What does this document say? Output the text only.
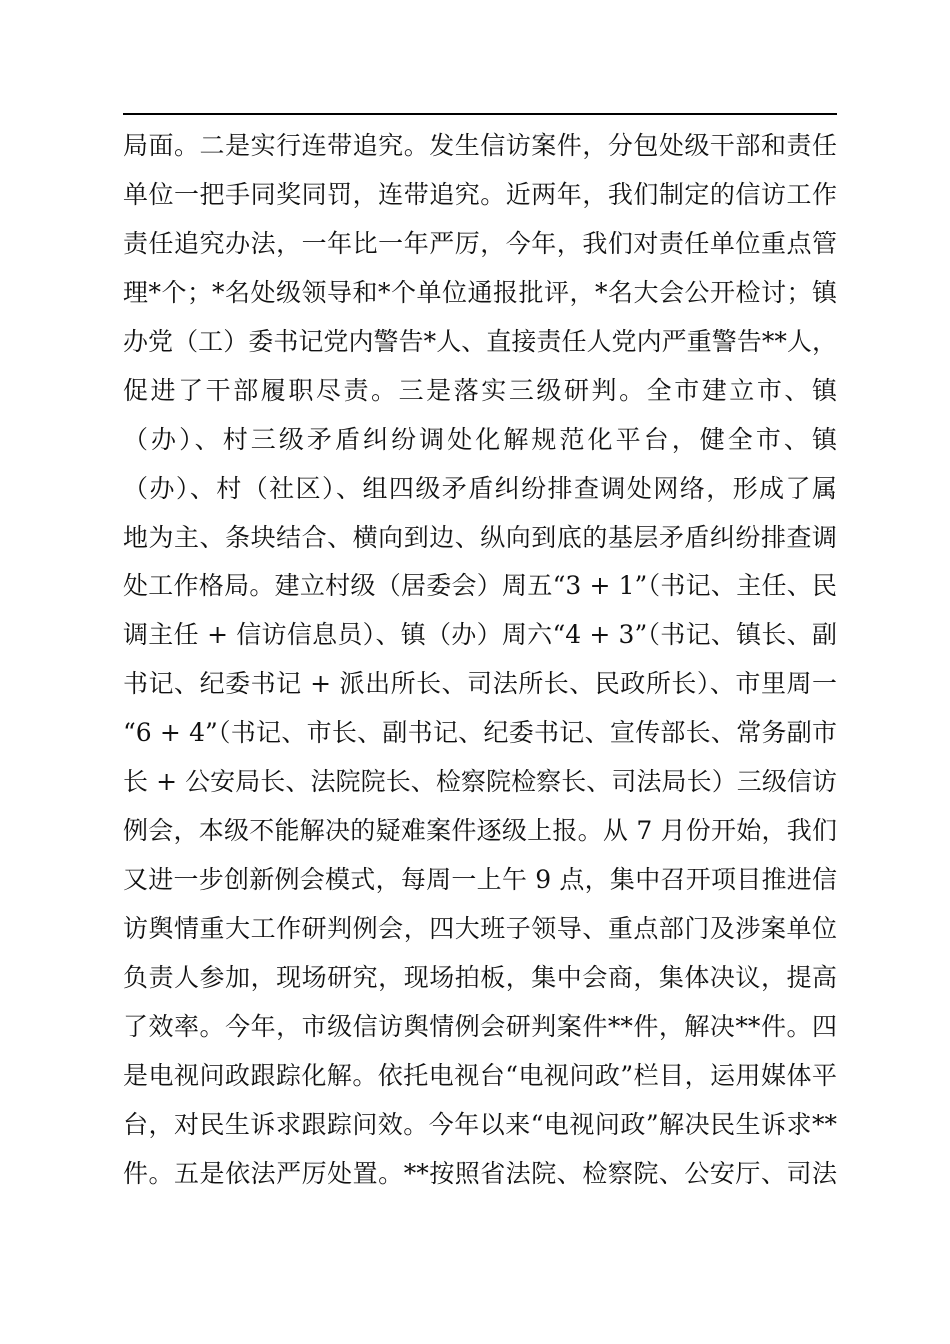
局面。二是实行连带追究。发生信访案件，分包处级干部和责任
单位一把手同奖同罚，连带追究。近两年，我们制定的信访工作
责任追究办法，一年比一年严厉，今年，我们对责任单位重点管
理*个；*名处级领导和*个单位通报批评，*名大会公开检讨；镇
办党（工）委书记党内警告*人、直接责任人党内严重警告**人，
促进了干部履职尽责。三是落实三级研判。全市建立市、镇
（办）、村三级矛盾纠纷调处化解规范化平台，健全市、镇
（办）、村（社区）、组四级矛盾纠纷排查调处网络，形成了属
地为主、条块结合、横向到边、纵向到底的基层矛盾纠纷排查调
处工作格局。建立村级（居委会）周五“3 + 1”（书记、主任、民
调主任 + 信访信息员）、镇（办）周六“4 + 3”（书记、镇长、副
书记、纪委书记 + 派出所长、司法所长、民政所长）、市里周一
“6 + 4”（书记、市长、副书记、纪委书记、宣传部长、常务副市
长 + 公安局长、法院院长、检察院检察长、司法局长）三级信访
例会，本级不能解决的疑难案件逐级上报。从 7 月份开始，我们
又进一步创新例会模式，每周一上午 9 点，集中召开项目推进信
访舆情重大工作研判例会，四大班子领导、重点部门及涉案单位
负责人参加，现场研究，现场拍板，集中会商，集体决议，提高
了效率。今年，市级信访舆情例会研判案件**件，解决**件。四
是电视问政跟踪化解。依托电视台“电视问政”栏目，运用媒体平
台，对民生诉求跟踪问效。今年以来“电视问政”解决民生诉求**
件。五是依法严厉处置。**按照省法院、检察院、公安厅、司法
